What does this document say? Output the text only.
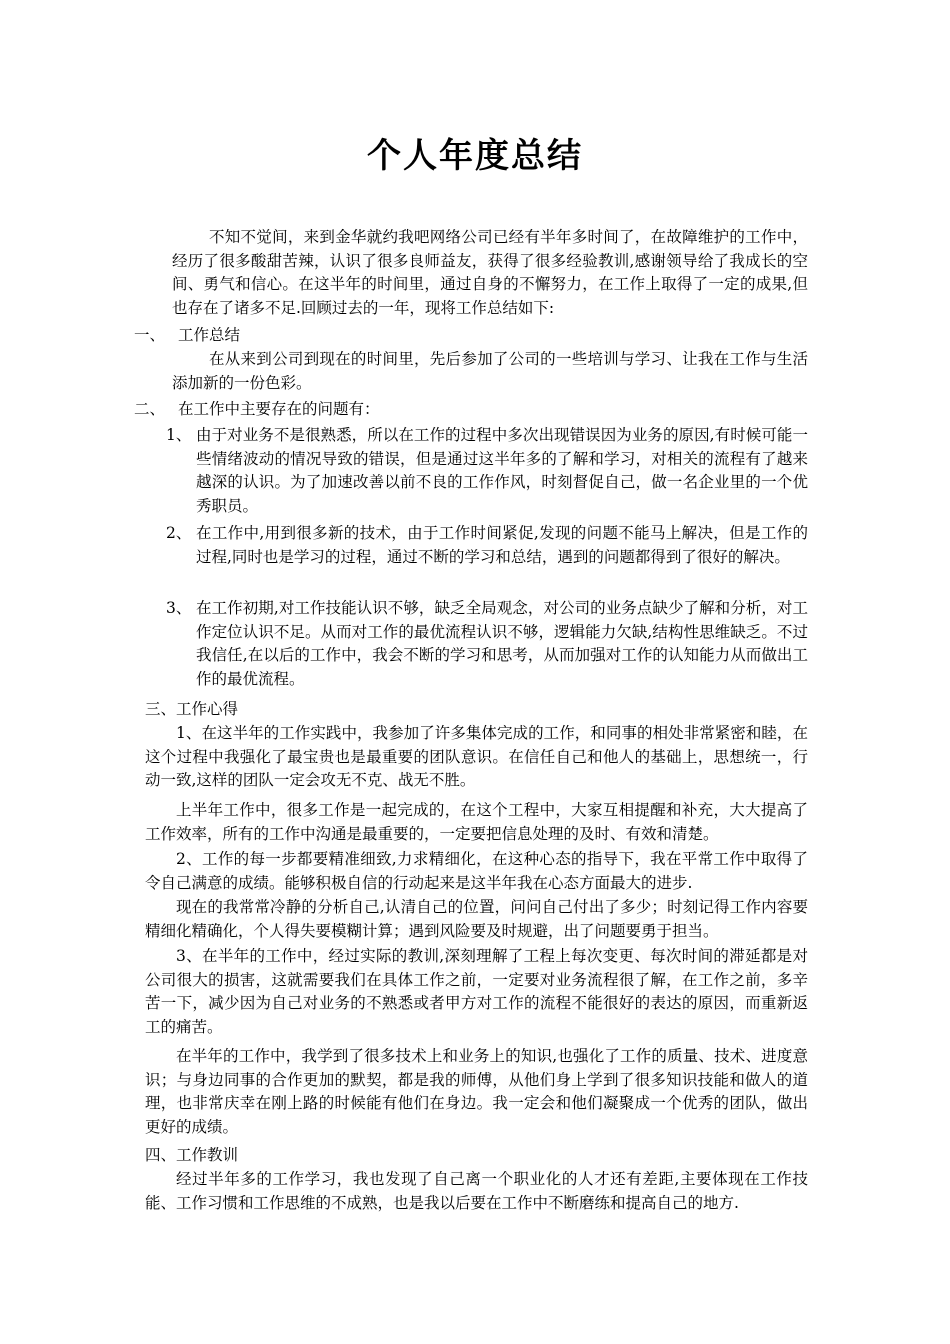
个人年度总结

不知不觉间，来到金华就约我吧网络公司已经有半年多时间了，在故障维护的工作中，经历了很多酸甜苦辣，认识了很多良师益友，获得了很多经验教训,感谢领导给了我成长的空间、勇气和信心。在这半年的时间里，通过自身的不懈努力，在工作上取得了一定的成果,但也存在了诸多不足.回顾过去的一年，现将工作总结如下:

一、 工作总结

在从来到公司到现在的时间里，先后参加了公司的一些培训与学习、让我在工作与生活添加新的一份色彩。

二、 在工作中主要存在的问题有：
1、 由于对业务不是很熟悉，所以在工作的过程中多次出现错误因为业务的原因,有时候可能一些情绪波动的情况导致的错误，但是通过这半年多的了解和学习，对相关的流程有了越来越深的认识。为了加速改善以前不良的工作作风，时刻督促自己，做一名企业里的一个优秀职员。

2、 在工作中,用到很多新的技术，由于工作时间紧促,发现的问题不能马上解决，但是工作的过程,同时也是学习的过程，通过不断的学习和总结，遇到的问题都得到了很好的解决。

3、 在工作初期,对工作技能认识不够，缺乏全局观念，对公司的业务点缺少了解和分析，对工作定位认识不足。从而对工作的最优流程认识不够，逻辑能力欠缺,结构性思维缺乏。不过我信任,在以后的工作中，我会不断的学习和思考，从而加强对工作的认知能力从而做出工作的最优流程。

三、工作心得

1、在这半年的工作实践中，我参加了许多集体完成的工作，和同事的相处非常紧密和睦，在这个过程中我强化了最宝贵也是最重要的团队意识。在信任自己和他人的基础上，思想统一，行动一致,这样的团队一定会攻无不克、战无不胜。

上半年工作中，很多工作是一起完成的，在这个工程中，大家互相提醒和补充，大大提高了工作效率，所有的工作中沟通是最重要的，一定要把信息处理的及时、有效和清楚。

2、工作的每一步都要精准细致,力求精细化，在这种心态的指导下，我在平常工作中取得了令自己满意的成绩。能够积极自信的行动起来是这半年我在心态方面最大的进步.

现在的我常常冷静的分析自己,认清自己的位置，问问自己付出了多少；时刻记得工作内容要精细化精确化，个人得失要模糊计算；遇到风险要及时规避，出了问题要勇于担当。

3、在半年的工作中，经过实际的教训,深刻理解了工程上每次变更、每次时间的滞延都是对公司很大的损害，这就需要我们在具体工作之前，一定要对业务流程很了解，在工作之前，多辛苦一下，减少因为自己对业务的不熟悉或者甲方对工作的流程不能很好的表达的原因，而重新返工的痛苦。

在半年的工作中，我学到了很多技术上和业务上的知识,也强化了工作的质量、技术、进度意识；与身边同事的合作更加的默契，都是我的师傅，从他们身上学到了很多知识技能和做人的道理，也非常庆幸在刚上路的时候能有他们在身边。我一定会和他们凝聚成一个优秀的团队，做出更好的成绩。

四、工作教训

经过半年多的工作学习，我也发现了自己离一个职业化的人才还有差距,主要体现在工作技能、工作习惯和工作思维的不成熟，也是我以后要在工作中不断磨练和提高自己的地方.
